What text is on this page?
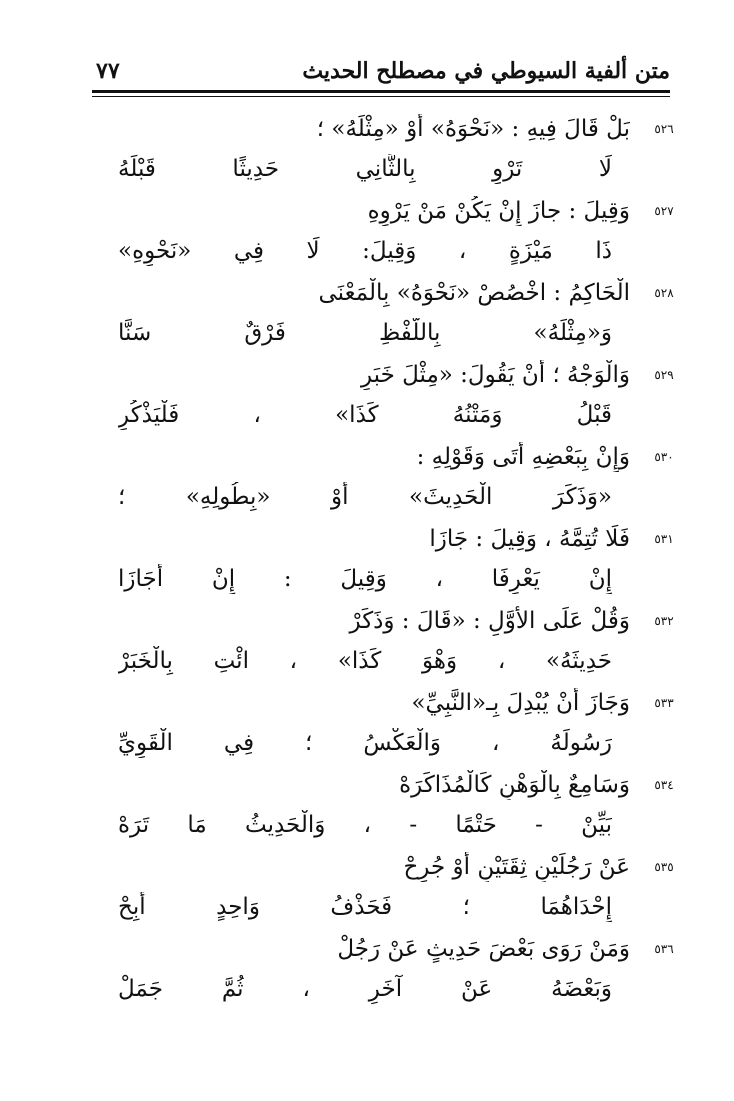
متن ألفية السيوطي في مصطلح الحديث
٧٧
٥٢٦
بَلْ قَالَ فِيهِ : «نَحْوَهُ» أَوْ «مِثْلَهُ» ؛
لَا تَرْوِ بِالثَّانِي حَدِيثًا قَبْلَهُ
٥٢٧
وَقِيلَ : جازَ إِنْ يَكُنْ مَنْ يَرْوِهِ
ذَا مَيْزَةٍ ، وَقِيلَ: لَا فِي «نَحْوِهِ»
٥٢٨
الْحَاكِمُ : اخْصُصْ «نَحْوَهُ» بِالْمَعْنَى
وَ«مِثْلَهُ» بِاللَّفْظِ فَرْقٌ سَنَّا
٥٢٩
وَالْوَجْهُ ؛ أَنْ يَقُولَ: «مِثْلَ خَبَرِ
قَبْلُ وَمَتْنُهُ كَذَا» ، فَلْيَذْكُرِ
٥٣٠
وَإِنْ بِبَعْضِهِ أَتَى وَقَوْلِهِ :
«وَذَكَرَ الْحَدِيثَ» أَوْ «بِطُولِهِ» ؛
٥٣١
فَلَا تُتِمَّهُ ، وَقِيلَ : جَازَا
إِنْ يَعْرِفَا ، وَقِيلَ : إِنْ أَجَازَا
٥٣٢
وَقُلْ عَلَى الأَوَّلِ : «قَالَ : وَذَكَرْ
حَدِيثَهُ» ، وَهْوَ كَذَا» ، ائْتِ بِالْخَبَرْ
٥٣٣
وَجَازَ أَنْ يُبْدِلَ بِـ«النَّبِيِّ»
رَسُولَهُ ، وَالْعَكْسُ ؛ فِي الْقَوِيِّ
٥٣٤
وَسَامِعٌ بِالْوَهْنِ كَالْمُذَاكَرَهْ
بَيِّنْ - حَتْمًا - ، وَالْحَدِيثُ مَا تَرَهْ
٥٣٥
عَنْ رَجُلَيْنِ ثِقَتَيْنِ أَوْ جُرِحْ
إِحْدَاهُمَا ؛ فَحَذْفُ وَاحِدٍ أُبِحْ
٥٣٦
وَمَنْ رَوَى بَعْضَ حَدِيثٍ عَنْ رَجُلْ
وَبَعْضَهُ عَنْ آخَرٍ ، ثُمَّ جَمَلْ
